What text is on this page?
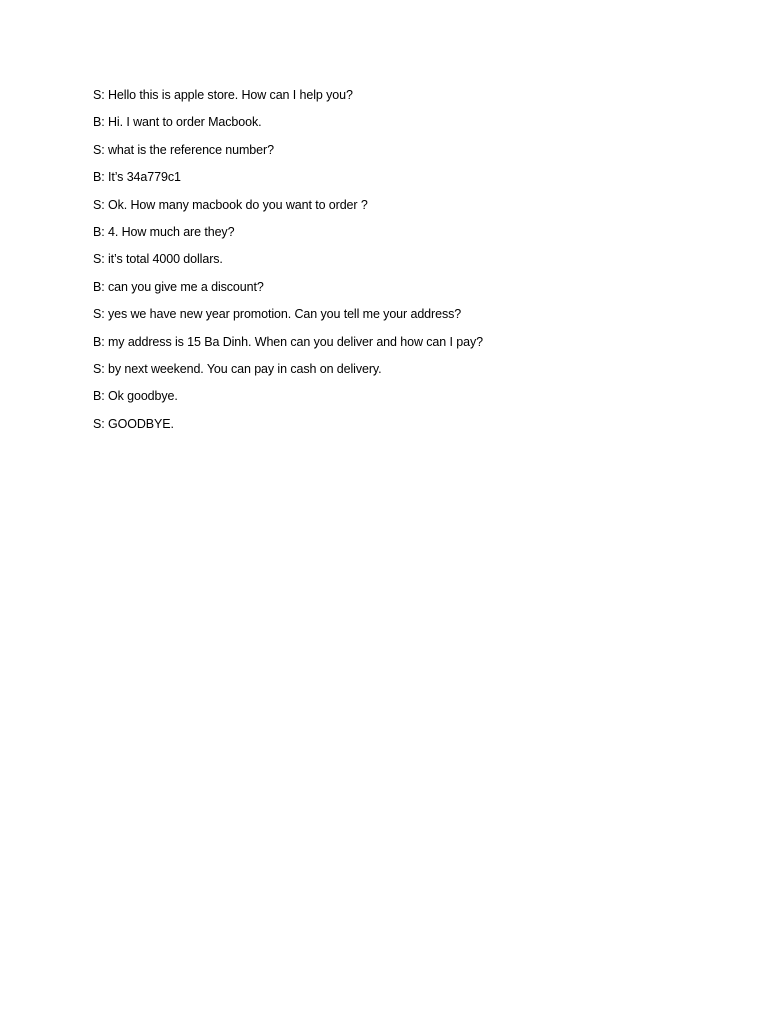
S: Hello this is apple store. How can I help you?

B: Hi. I want to order Macbook.

S: what is the reference number?

B: It’s 34a779c1

S: Ok. How many macbook do you want to order ?

B: 4. How much are they?

S: it’s total 4000 dollars.

B: can you give me a discount?

S: yes we have new year promotion. Can you tell me your address?

B: my address is 15 Ba Dinh. When can you deliver and how can I pay?

S: by next weekend. You can pay in cash on delivery.

B: Ok goodbye.

S: GOODBYE.
